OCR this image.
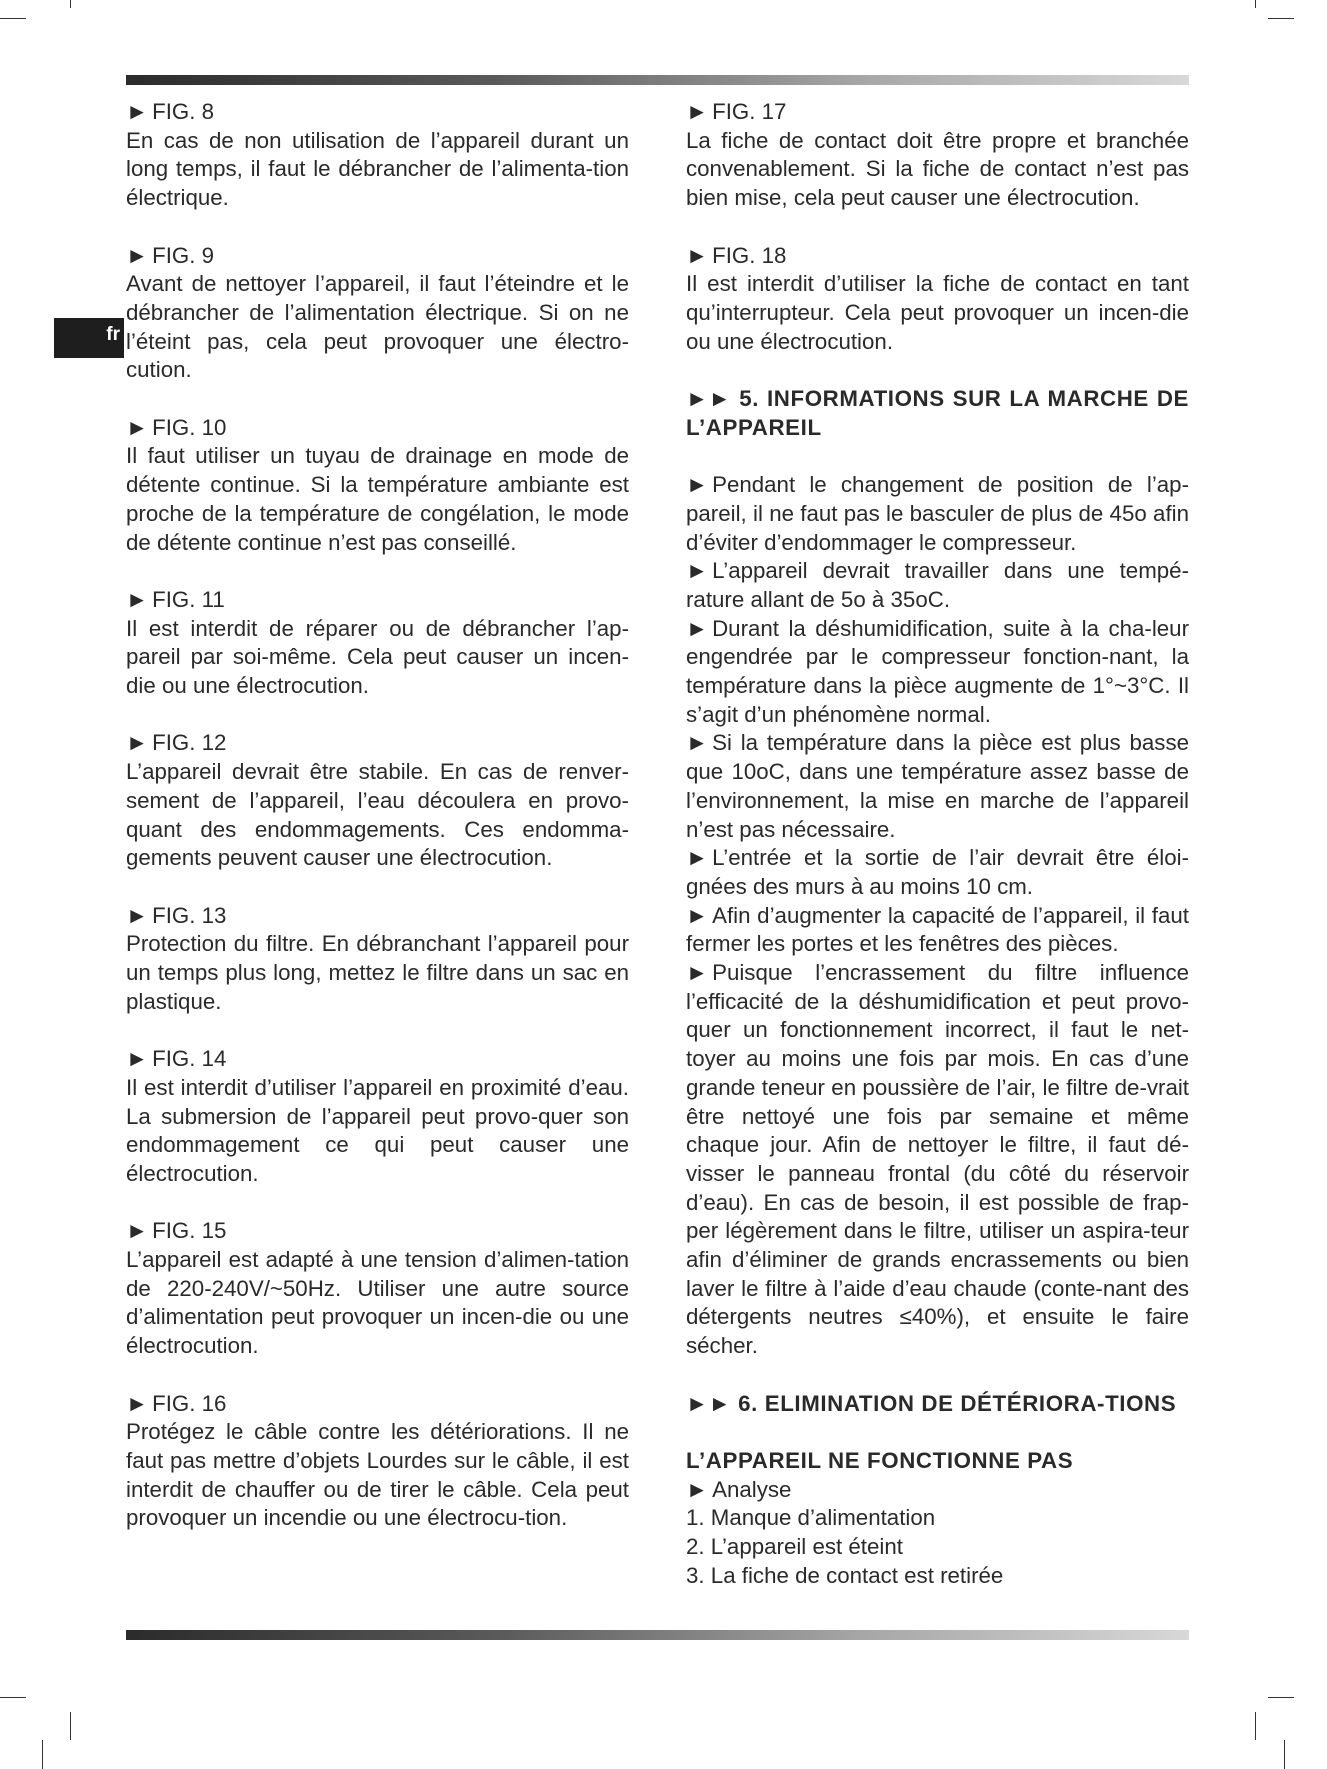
fr

► FIG. 8

En cas de non utilisation de l’appareil durant un long temps, il faut le débrancher de l’alimenta-tion électrique.

► FIG. 9

Avant de nettoyer l’appareil, il faut l’éteindre et le débrancher de l’alimentation électrique. Si on ne l’éteint pas, cela peut provoquer une électro-cution.

► FIG. 10

Il faut utiliser un tuyau de drainage en mode de détente continue. Si la température ambiante est proche de la température de congélation, le mode de détente continue n’est pas conseillé.

► FIG. 11

Il est interdit de réparer ou de débrancher l’ap-pareil par soi-même. Cela peut causer un incen-die ou une électrocution.

► FIG. 12

L’appareil devrait être stabile. En cas de renver-sement de l’appareil, l’eau découlera en provo-quant des endommagements. Ces endomma-gements peuvent causer une électrocution.

► FIG. 13

Protection du filtre. En débranchant l’appareil pour un temps plus long, mettez le filtre dans un sac en plastique.

► FIG. 14

Il est interdit d’utiliser l’appareil en proximité d’eau. La submersion de l’appareil peut provo-quer son endommagement ce qui peut causer une électrocution.

► FIG. 15

L’appareil est adapté à une tension d’alimen-tation de 220-240V/~50Hz. Utiliser une autre source d’alimentation peut provoquer un incen-die ou une électrocution.

► FIG. 16

Protégez le câble contre les détériorations. Il ne faut pas mettre d’objets Lourdes sur le câble, il est interdit de chauffer ou de tirer le câble. Cela peut provoquer un incendie ou une électrocu-tion.

► FIG. 17

La fiche de contact doit être propre et branchée convenablement. Si la fiche de contact n’est pas bien mise, cela peut causer une électrocution.

► FIG. 18

Il est interdit d’utiliser la fiche de contact en tant qu’interrupteur. Cela peut provoquer un incen-die ou une électrocution.

►► 5. INFORMATIONS SUR LA MARCHE DE L’APPAREIL

► Pendant le changement de position de l’ap-pareil, il ne faut pas le basculer de plus de 45o afin d’éviter d’endommager le compresseur.

► L’appareil devrait travailler dans une tempé-rature allant de 5o à 35oC.

► Durant la déshumidification, suite à la cha-leur engendrée par le compresseur fonction-nant, la température dans la pièce augmente de 1°~3°C. Il s’agit d’un phénomène normal.

► Si la température dans la pièce est plus basse que 10oC, dans une température assez basse de l’environnement, la mise en marche de l’appareil n’est pas nécessaire.

► L’entrée et la sortie de l’air devrait être éloi-gnées des murs à au moins 10 cm.

► Afin d’augmenter la capacité de l’appareil, il faut fermer les portes et les fenêtres des pièces.

► Puisque l’encrassement du filtre influence l’efficacité de la déshumidification et peut provo-quer un fonctionnement incorrect, il faut le net-toyer au moins une fois par mois. En cas d’une grande teneur en poussière de l’air, le filtre de-vrait être nettoyé une fois par semaine et même chaque jour. Afin de nettoyer le filtre, il faut dé-visser le panneau frontal (du côté du réservoir d’eau). En cas de besoin, il est possible de frap-per légèrement dans le filtre, utiliser un aspira-teur afin d’éliminer de grands encrassements ou bien laver le filtre à l’aide d’eau chaude (conte-nant des détergents neutres ≤40%), et ensuite le faire sécher.

►► 6. ELIMINATION DE DÉTÉRIORA-TIONS

L’APPAREIL NE FONCTIONNE PAS

► Analyse

1. Manque d’alimentation

2. L’appareil est éteint

3. La fiche de contact est retirée
